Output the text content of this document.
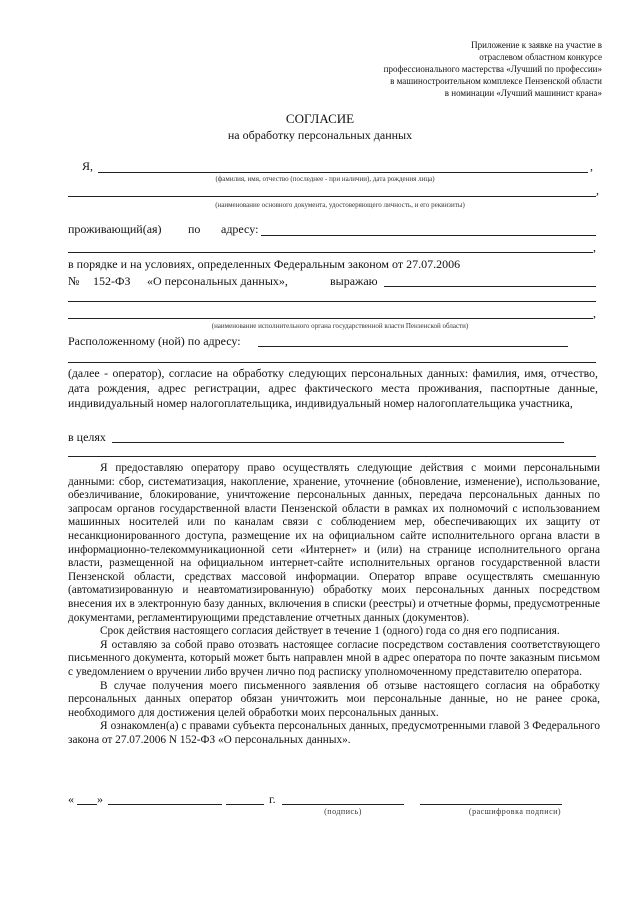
Приложение к заявке на участие в
отраслевом областном конкурсе
профессионального мастерства «Лучший по профессии»
в машиностроительном комплексе Пензенской области
в номинации «Лучший машинист крана»
СОГЛАСИЕ
на обработку персональных данных
Я,	,
(фамилия, имя, отчество (последнее - при наличии), дата рождения лица)
,
(наименование основного документа, удостоверяющего личность, и его реквизиты)
проживающий(ая) по адресу:
,
в порядке и на условиях, определенных Федеральным законом от 27.07.2006
№ 152-ФЗ «О персональных данных»,	выражаю
,
(наименование исполнительного органа государственной власти Пензенской области)
Расположенному (ной) по адресу:
(далее - оператор), согласие на обработку следующих персональных данных: фамилия, имя, отчество, дата рождения, адрес регистрации, адрес фактического места проживания, паспортные данные, индивидуальный номер налогоплательщика, индивидуальный номер налогоплательщика участника,
в целях

Я предоставляю оператору право осуществлять следующие действия с моими персональными данными: сбор, систематизация, накопление, хранение, уточнение (обновление, изменение), использование, обезличивание, блокирование, уничтожение персональных данных, передача персональных данных по запросам органов государственной власти Пензенской области в рамках их полномочий с использованием машинных носителей или по каналам связи с соблюдением мер, обеспечивающих их защиту от несанкционированного доступа, размещение их на официальном сайте исполнительного органа власти в информационно-телекоммуникационной сети «Интернет» и (или) на странице исполнительного органа власти, размещенной на официальном интернет-сайте исполнительных органов государственной власти Пензенской области, средствах массовой информации. Оператор вправе осуществлять смешанную (автоматизированную и неавтоматизированную) обработку моих персональных данных посредством внесения их в электронную базу данных, включения в списки (реестры) и отчетные формы, предусмотренные документами, регламентирующими представление отчетных данных (документов).

Срок действия настоящего согласия действует в течение 1 (одного) года со дня его подписания.

Я оставляю за собой право отозвать настоящее согласие посредством составления соответствующего письменного документа, который может быть направлен мной в адрес оператора по почте заказным письмом с уведомлением о вручении либо вручен лично под расписку уполномоченному представителю оператора.

В случае получения моего письменного заявления об отзыве настоящего согласия на обработку персональных данных оператор обязан уничтожить мои персональные данные, но не ранее срока, необходимого для достижения целей обработки моих персональных данных.

Я ознакомлен(а) с правами субъекта персональных данных, предусмотренными главой 3 Федерального закона от 27.07.2006 N 152-ФЗ «О персональных данных».

« »	г.
(подпись)	(расшифровка подписи)
